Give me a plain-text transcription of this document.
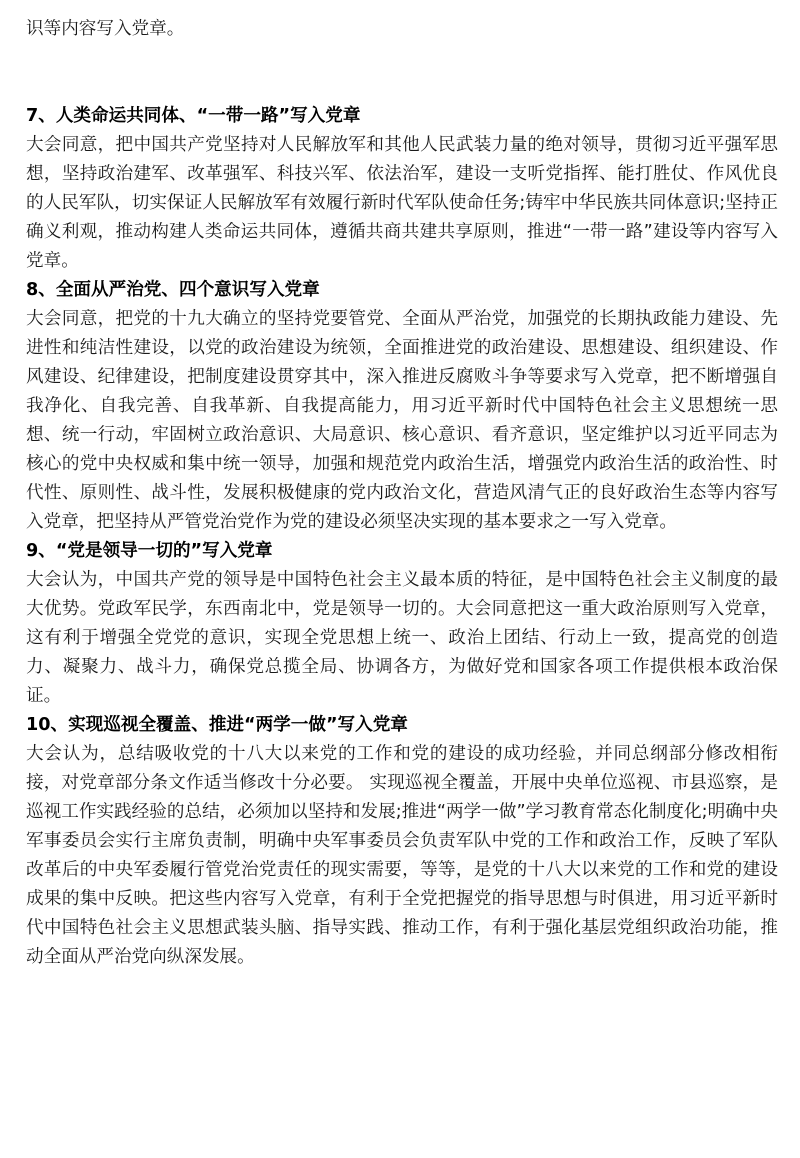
识等内容写入党章。

7、人类命运共同体、“一带一路”写入党章

大会同意，把中国共产党坚持对人民解放军和其他人民武装力量的绝对领导，贯彻习近平强军思想，坚持政治建军、改革强军、科技兴军、依法治军，建设一支听党指挥、能打胜仗、作风优良的人民军队，切实保证人民解放军有效履行新时代军队使命任务;铸牢中华民族共同体意识;坚持正确义利观，推动构建人类命运共同体，遵循共商共建共享原则，推进“一带一路”建设等内容写入党章。

8、全面从严治党、四个意识写入党章

大会同意，把党的十九大确立的坚持党要管党、全面从严治党，加强党的长期执政能力建设、先进性和纯洁性建设，以党的政治建设为统领，全面推进党的政治建设、思想建设、组织建设、作风建设、纪律建设，把制度建设贯穿其中，深入推进反腐败斗争等要求写入党章，把不断增强自我净化、自我完善、自我革新、自我提高能力，用习近平新时代中国特色社会主义思想统一思想、统一行动，牢固树立政治意识、大局意识、核心意识、看齐意识，坚定维护以习近平同志为核心的党中央权威和集中统一领导，加强和规范党内政治生活，增强党内政治生活的政治性、时代性、原则性、战斗性，发展积极健康的党内政治文化，营造风清气正的良好政治生态等内容写入党章，把坚持从严管党治党作为党的建设必须坚决实现的基本要求之一写入党章。

9、“党是领导一切的”写入党章

大会认为，中国共产党的领导是中国特色社会主义最本质的特征，是中国特色社会主义制度的最大优势。党政军民学，东西南北中，党是领导一切的。大会同意把这一重大政治原则写入党章，这有利于增强全党党的意识，实现全党思想上统一、政治上团结、行动上一致，提高党的创造力、凝聚力、战斗力，确保党总揽全局、协调各方，为做好党和国家各项工作提供根本政治保证。

10、实现巡视全覆盖、推进“两学一做”写入党章

大会认为，总结吸收党的十八大以来党的工作和党的建设的成功经验，并同总纲部分修改相衔接，对党章部分条文作适当修改十分必要。 实现巡视全覆盖，开展中央单位巡视、市县巡察，是巡视工作实践经验的总结，必须加以坚持和发展;推进“两学一做”学习教育常态化制度化;明确中央军事委员会实行主席负责制，明确中央军事委员会负责军队中党的工作和政治工作，反映了军队改革后的中央军委履行管党治党责任的现实需要，等等，是党的十八大以来党的工作和党的建设成果的集中反映。把这些内容写入党章，有利于全党把握党的指导思想与时俱进，用习近平新时代中国特色社会主义思想武装头脑、指导实践、推动工作，有利于强化基层党组织政治功能，推动全面从严治党向纵深发展。
